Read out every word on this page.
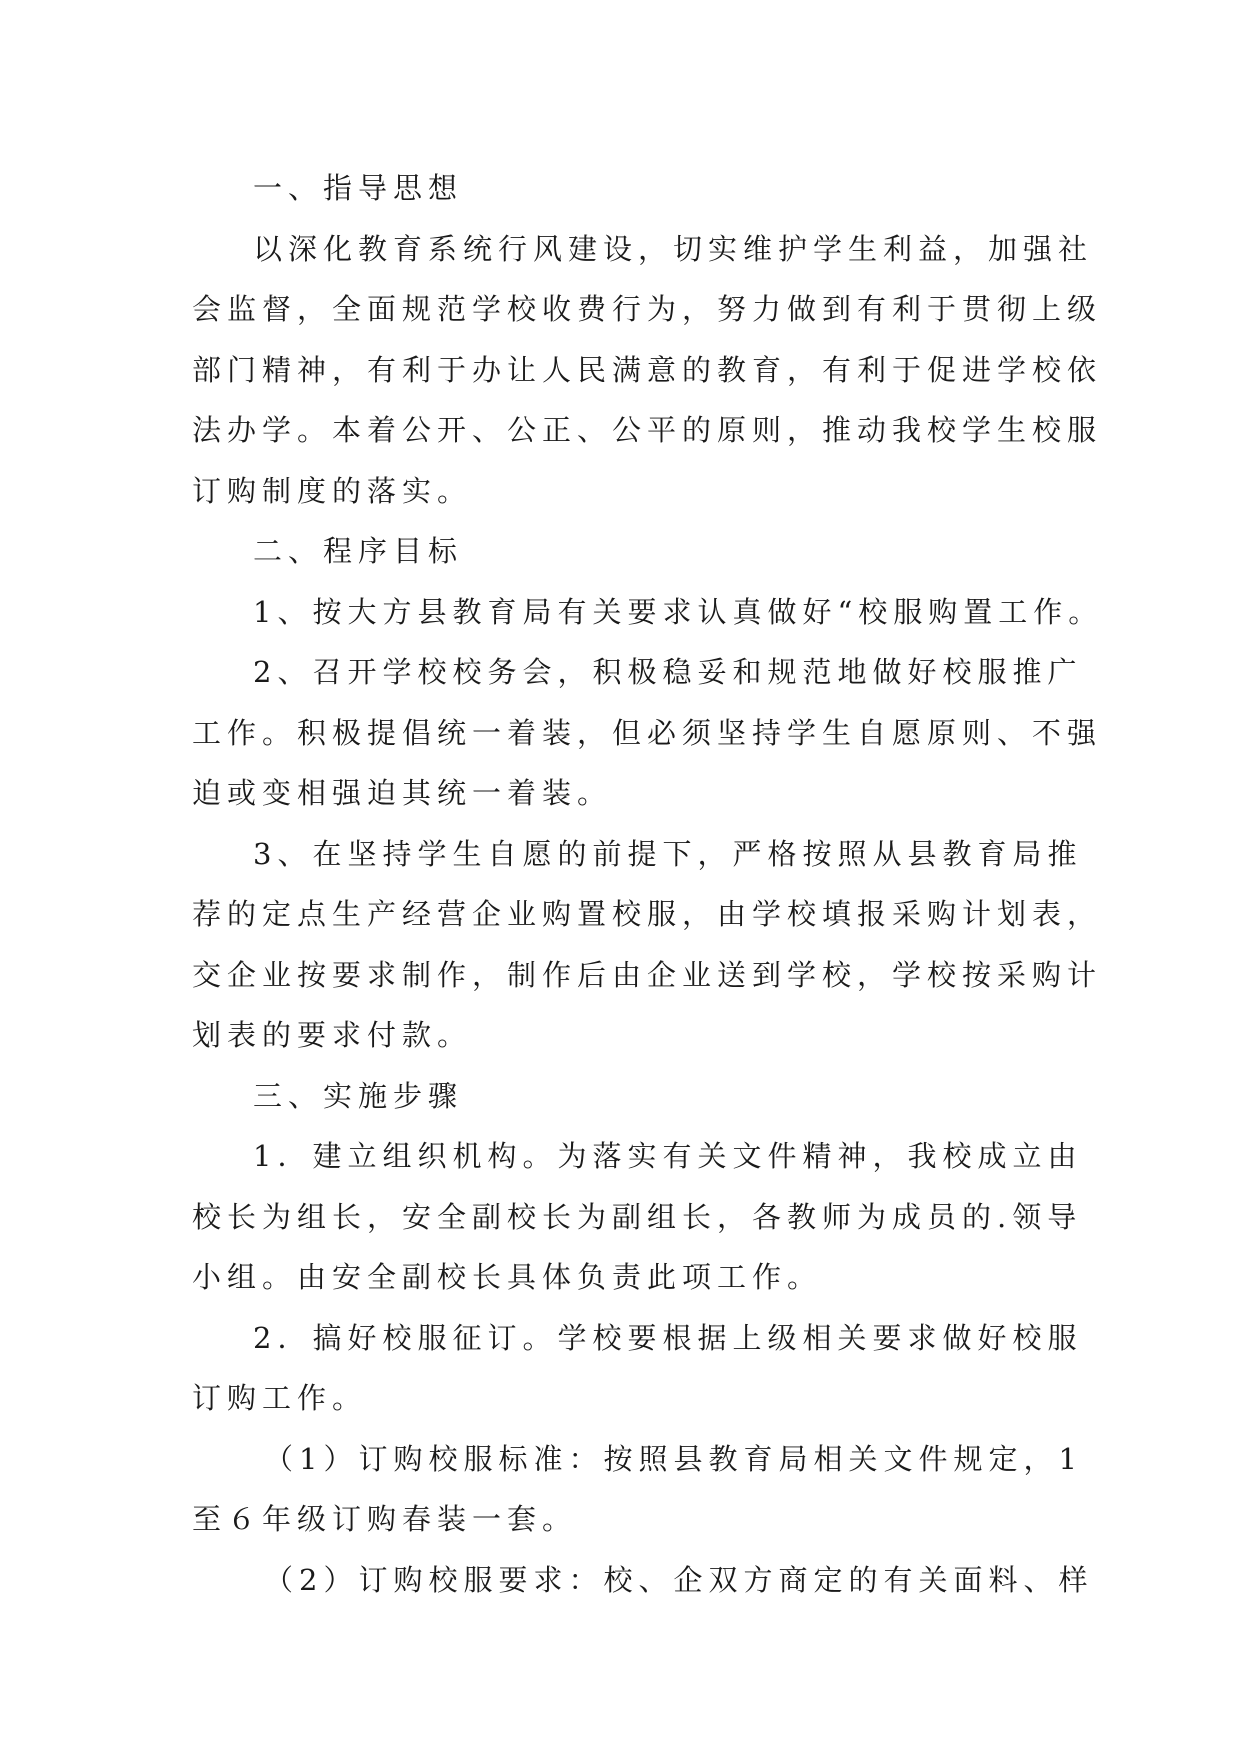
一、指导思想

以深化教育系统行风建设，切实维护学生利益，加强社

会监督，全面规范学校收费行为，努力做到有利于贯彻上级

部门精神，有利于办让人民满意的教育，有利于促进学校依

法办学。本着公开、公正、公平的原则，推动我校学生校服

订购制度的落实。

二、程序目标

1、按大方县教育局有关要求认真做好“校服购置工作。

2、召开学校校务会，积极稳妥和规范地做好校服推广

工作。积极提倡统一着装，但必须坚持学生自愿原则、不强

迫或变相强迫其统一着装。

3、在坚持学生自愿的前提下，严格按照从县教育局推

荐的定点生产经营企业购置校服，由学校填报采购计划表，

交企业按要求制作，制作后由企业送到学校，学校按采购计

划表的要求付款。

三、实施步骤

1．建立组织机构。为落实有关文件精神，我校成立由

校长为组长，安全副校长为副组长，各教师为成员的.领导

小组。由安全副校长具体负责此项工作。

2．搞好校服征订。学校要根据上级相关要求做好校服

订购工作。

（1）订购校服标准：按照县教育局相关文件规定，1

至６年级订购春装一套。

（2）订购校服要求：校、企双方商定的有关面料、样
